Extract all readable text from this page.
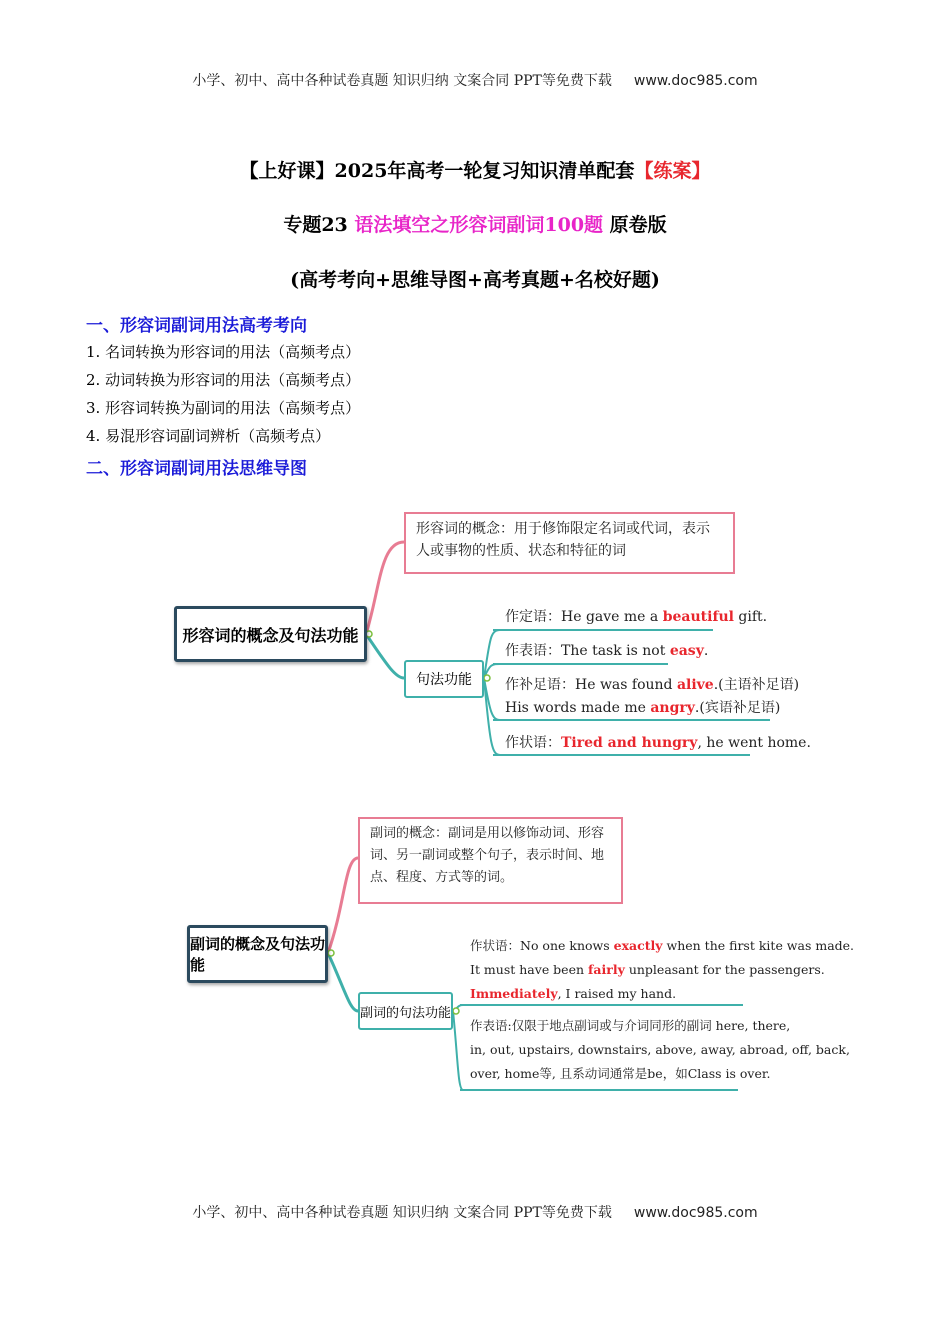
小学、初中、高中各种试卷真题 知识归纳 文案合同 PPT等免费下载 www.doc985.com
【上好课】2025年高考一轮复习知识清单配套【练案】
专题23 语法填空之形容词副词100题 原卷版
(高考考向+思维导图+高考真题+名校好题)
一、形容词副词用法高考考向
1. 名词转换为形容词的用法（高频考点）
2. 动词转换为形容词的用法（高频考点）
3. 形容词转换为副词的用法（高频考点）
4. 易混形容词副词辨析（高频考点）
二、形容词副词用法思维导图
形容词的概念及句法功能
形容词的概念：用于修饰限定名词或代词，表示人或事物的性质、状态和特征的词
句法功能
作定语：He gave me a beautiful gift.
作表语：The task is not easy.
作补足语：He was found alive.(主语补足语)
His words made me angry.(宾语补足语)
作状语：Tired and hungry, he went home.
副词的概念及句法功能
副词的概念：副词是用以修饰动词、形容词、另一副词或整个句子，表示时间、地点、程度、方式等的词。
副词的句法功能
作状语：No one knows exactly when the first kite was made.
It must have been fairly unpleasant for the passengers.
Immediately, I raised my hand.
作表语:仅限于地点副词或与介词同形的副词 here, there,
in, out, upstairs, downstairs, above, away, abroad, off, back,
over, home等, 且系动词通常是be，如Class is over.
小学、初中、高中各种试卷真题 知识归纳 文案合同 PPT等免费下载 www.doc985.com
